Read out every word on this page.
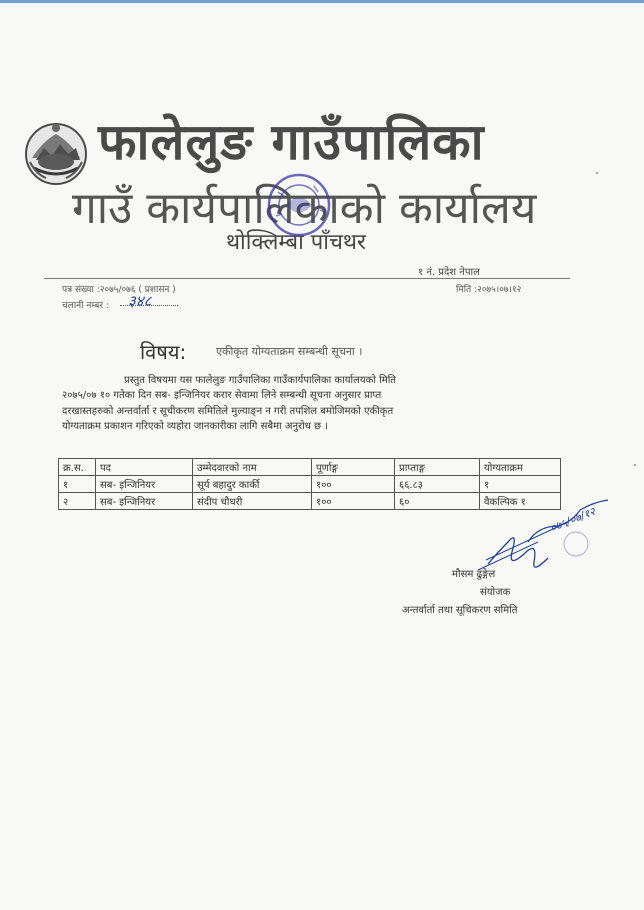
फालेलुङ गाउँपालिका
गाउँ कार्यपालिकाको कार्यालय
थोक्लिम्बा पाँचथर
१ नं. प्रदेश नेपाल
पत्र संख्या :२०७५/०७६ ( प्रशासन )
चलानी नम्बर : ३४८
मिति :२०७५।०७।१२
विषय:	एकीकृत योग्यताक्रम सम्बन्धी सूचना ।
प्रस्तुत विषयमा यस फालेलुङ गाउँपालिका गाउँकार्यपालिका कार्यालयको मिति
२०७५/०७ १० गतेका दिन सब- इन्जिनियर करार सेवामा लिने सम्बन्धी सूचना अनुसार प्राप्त
दरखास्तहरुको अन्तर्वार्ता र सूचीकरण समितिले मुल्याङ्न न गरी तपशिल बमोजिमको एकीकृत
योग्यताक्रम प्रकाशन गरिएको व्यहोरा जानकारीका लागि सबैमा अनुरोध छ ।
क्र.स.	पद	उम्मेदवारको नाम	पूर्णाङ्ग	प्राप्ताङ्ग	योग्यताक्रम
१	सब- इन्जिनियर	सूर्य बहादुर कार्की	१००	६६.८३	१
२	सब- इन्जिनियर	संदीप चौधरी	१००	६०	वैकल्पिक १
०७५/०७/१२
मौसम ढुङ्गेल
संयोजक
अन्तर्वार्ता तथा सूचिकरण समिति
